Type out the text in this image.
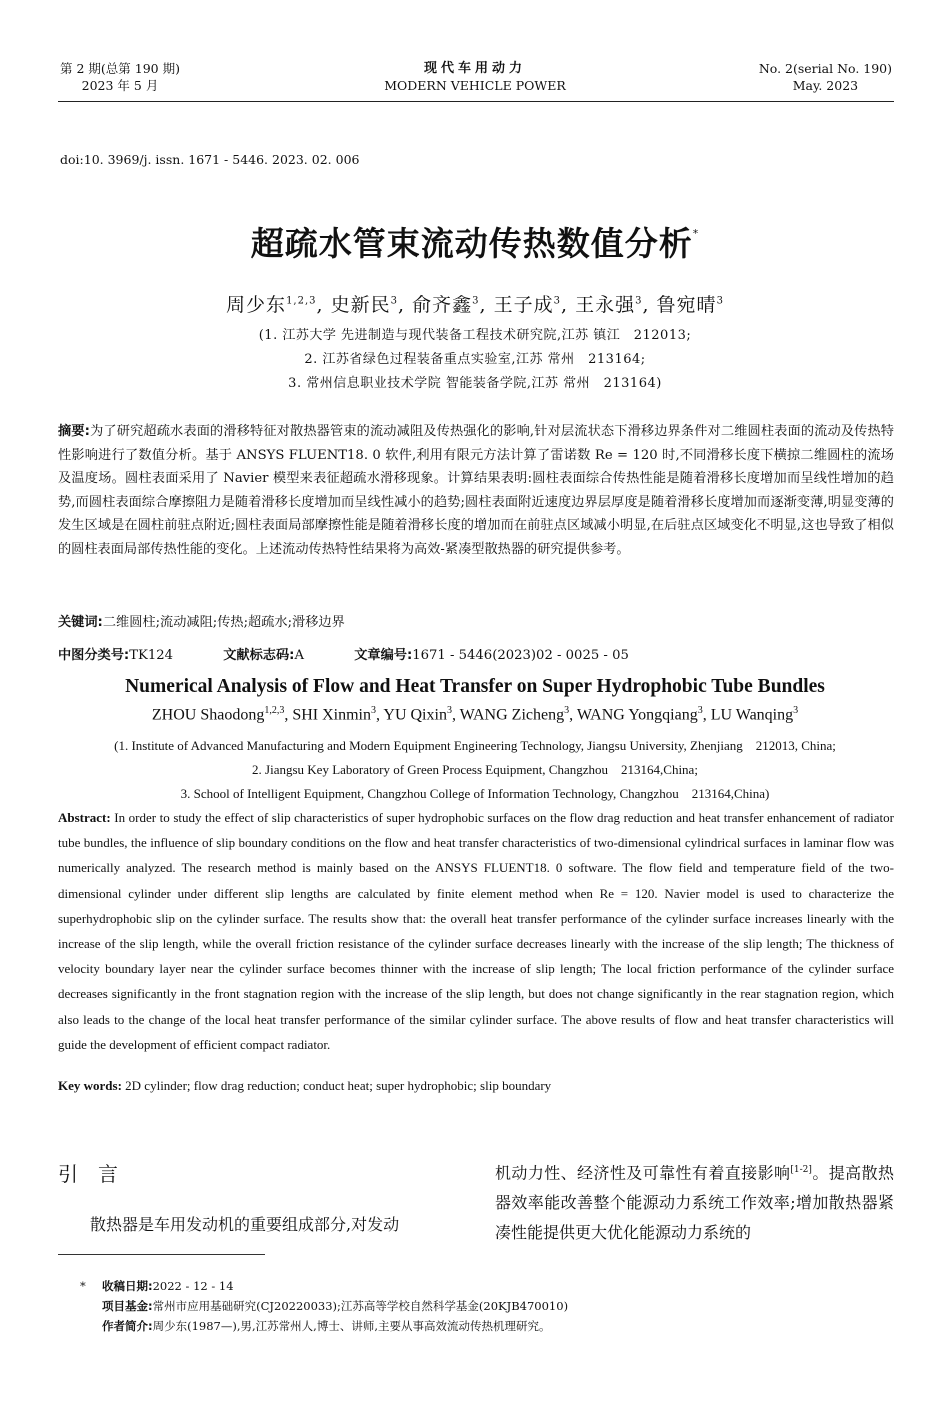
第 2 期(总第 190 期)
2023 年 5 月
现代车用动力
MODERN VEHICLE POWER
No. 2(serial No. 190)
May. 2023
doi:10. 3969/j. issn. 1671 - 5446. 2023. 02. 006
超疏水管束流动传热数值分析*
周少东$^{1,2,3}$, 史新民$^3$, 俞齐鑫$^3$, 王子成$^3$, 王永强$^3$, 鲁宛晴$^3$
(1. 江苏大学 先进制造与现代装备工程技术研究院,江苏 镇江　212013;
2. 江苏省绿色过程装备重点实验室,江苏 常州　213164;
3. 常州信息职业技术学院 智能装备学院,江苏 常州　213164)
摘要:为了研究超疏水表面的滑移特征对散热器管束的流动减阻及传热强化的影响,针对层流状态下滑移边界条件对二维圆柱表面的流动及传热特性影响进行了数值分析。基于 ANSYS FLUENT18. 0 软件,利用有限元方法计算了雷诺数 Re = 120 时,不同滑移长度下横掠二维圆柱的流场及温度场。圆柱表面采用了 Navier 模型来表征超疏水滑移现象。计算结果表明:圆柱表面综合传热性能是随着滑移长度增加而呈线性增加的趋势,而圆柱表面综合摩擦阻力是随着滑移长度增加而呈线性减小的趋势;圆柱表面附近速度边界层厚度是随着滑移长度增加而逐渐变薄,明显变薄的发生区域是在圆柱前驻点附近;圆柱表面局部摩擦性能是随着滑移长度的增加而在前驻点区域减小明显,在后驻点区域变化不明显,这也导致了相似的圆柱表面局部传热性能的变化。上述流动传热特性结果将为高效-紧凑型散热器的研究提供参考。
关键词:二维圆柱;流动减阻;传热;超疏水;滑移边界
中图分类号:TK124	文献标志码:A	文章编号:1671 - 5446(2023)02 - 0025 - 05
Numerical Analysis of Flow and Heat Transfer on Super Hydrophobic Tube Bundles
ZHOU Shaodong$^{1,2,3}$, SHI Xinmin$^3$, YU Qixin$^3$, WANG Zicheng$^3$, WANG Yongqiang$^3$, LU Wanqing$^3$
(1. Institute of Advanced Manufacturing and Modern Equipment Engineering Technology, Jiangsu University, Zhenjiang　212013, China;
2. Jiangsu Key Laboratory of Green Process Equipment, Changzhou　213164,China;
3. School of Intelligent Equipment, Changzhou College of Information Technology, Changzhou　213164,China)
Abstract: In order to study the effect of slip characteristics of super hydrophobic surfaces on the flow drag reduction and heat transfer enhancement of radiator tube bundles, the influence of slip boundary conditions on the flow and heat transfer characteristics of two-dimensional cylindrical surfaces in laminar flow was numerically analyzed. The research method is mainly based on the ANSYS FLUENT18. 0 software. The flow field and temperature field of the two-dimensional cylinder under different slip lengths are calculated by finite element method when Re = 120. Navier model is used to characterize the superhydrophobic slip on the cylinder surface. The results show that: the overall heat transfer performance of the cylinder surface increases linearly with the increase of the slip length, while the overall friction resistance of the cylinder surface decreases linearly with the increase of the slip length; The thickness of velocity boundary layer near the cylinder surface becomes thinner with the increase of slip length; The local friction performance of the cylinder surface decreases significantly in the front stagnation region with the increase of the slip length, but does not change significantly in the rear stagnation region, which also leads to the change of the local heat transfer performance of the similar cylinder surface. The above results of flow and heat transfer characteristics will guide the development of efficient compact radiator.
Key words: 2D cylinder; flow drag reduction; conduct heat; super hydrophobic; slip boundary
引言
散热器是车用发动机的重要组成部分,对发动
机动力性、经济性及可靠性有着直接影响[1-2]。提高散热器效率能改善整个能源动力系统工作效率;增加散热器紧凑性能提供更大优化能源动力系统的
* 收稿日期:2022 - 12 - 14
项目基金:常州市应用基础研究(CJ20220033);江苏高等学校自然科学基金(20KJB470010)
作者简介:周少东(1987—),男,江苏常州人,博士、讲师,主要从事高效流动传热机理研究。
